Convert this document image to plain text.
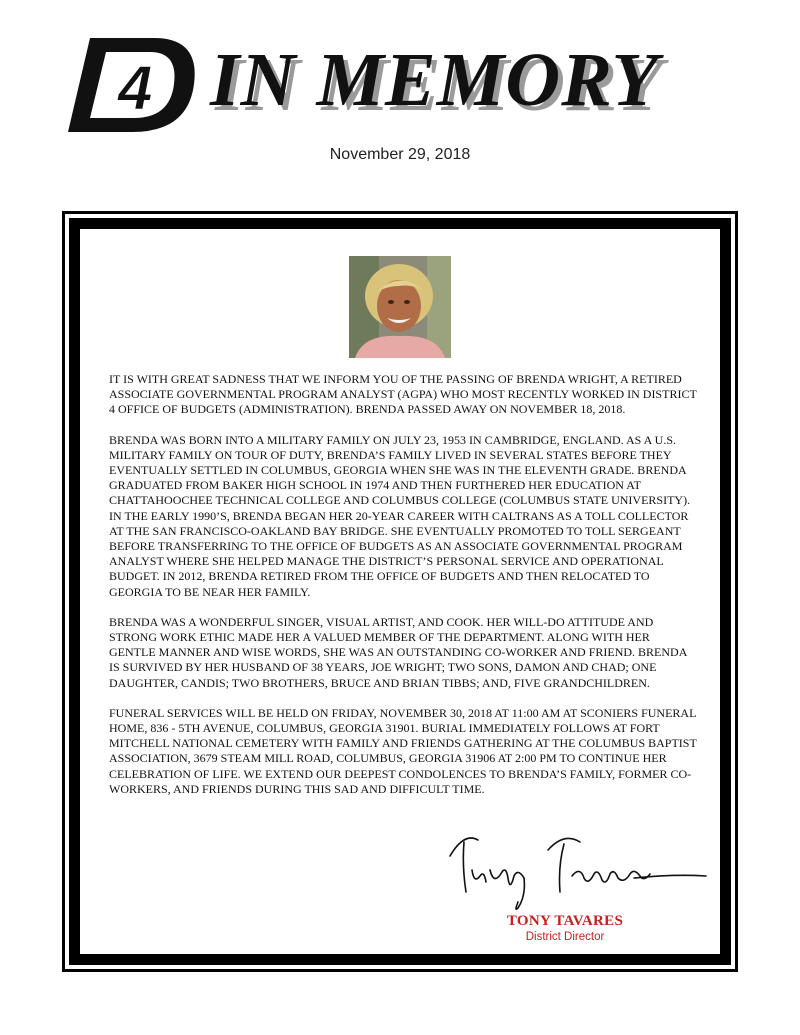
4 IN MEMORY
November 29, 2018

IT IS WITH GREAT SADNESS THAT WE INFORM YOU OF THE PASSING OF BRENDA WRIGHT, A RETIRED ASSOCIATE GOVERNMENTAL PROGRAM ANALYST (AGPA) WHO MOST RECENTLY WORKED IN DISTRICT 4 OFFICE OF BUDGETS (ADMINISTRATION). BRENDA PASSED AWAY ON NOVEMBER 18, 2018.

BRENDA WAS BORN INTO A MILITARY FAMILY ON JULY 23, 1953 IN CAMBRIDGE, ENGLAND. AS A U.S. MILITARY FAMILY ON TOUR OF DUTY, BRENDA’S FAMILY LIVED IN SEVERAL STATES BEFORE THEY EVENTUALLY SETTLED IN COLUMBUS, GEORGIA WHEN SHE WAS IN THE ELEVENTH GRADE. BRENDA GRADUATED FROM BAKER HIGH SCHOOL IN 1974 AND THEN FURTHERED HER EDUCATION AT CHATTAHOOCHEE TECHNICAL COLLEGE AND COLUMBUS COLLEGE (COLUMBUS STATE UNIVERSITY). IN THE EARLY 1990’S, BRENDA BEGAN HER 20-YEAR CAREER WITH CALTRANS AS A TOLL COLLECTOR AT THE SAN FRANCISCO-OAKLAND BAY BRIDGE. SHE EVENTUALLY PROMOTED TO TOLL SERGEANT BEFORE TRANSFERRING TO THE OFFICE OF BUDGETS AS AN ASSOCIATE GOVERNMENTAL PROGRAM ANALYST WHERE SHE HELPED MANAGE THE DISTRICT’S PERSONAL SERVICE AND OPERATIONAL BUDGET. IN 2012, BRENDA RETIRED FROM THE OFFICE OF BUDGETS AND THEN RELOCATED TO GEORGIA TO BE NEAR HER FAMILY.

BRENDA WAS A WONDERFUL SINGER, VISUAL ARTIST, AND COOK. HER WILL-DO ATTITUDE AND STRONG WORK ETHIC MADE HER A VALUED MEMBER OF THE DEPARTMENT. ALONG WITH HER GENTLE MANNER AND WISE WORDS, SHE WAS AN OUTSTANDING CO-WORKER AND FRIEND. BRENDA IS SURVIVED BY HER HUSBAND OF 38 YEARS, JOE WRIGHT; TWO SONS, DAMON AND CHAD; ONE DAUGHTER, CANDIS; TWO BROTHERS, BRUCE AND BRIAN TIBBS; AND, FIVE GRANDCHILDREN.

FUNERAL SERVICES WILL BE HELD ON FRIDAY, NOVEMBER 30, 2018 AT 11:00 AM AT SCONIERS FUNERAL HOME, 836 - 5TH AVENUE, COLUMBUS, GEORGIA 31901. BURIAL IMMEDIATELY FOLLOWS AT FORT MITCHELL NATIONAL CEMETERY WITH FAMILY AND FRIENDS GATHERING AT THE COLUMBUS BAPTIST ASSOCIATION, 3679 STEAM MILL ROAD, COLUMBUS, GEORGIA 31906 AT 2:00 PM TO CONTINUE HER CELEBRATION OF LIFE. WE EXTEND OUR DEEPEST CONDOLENCES TO BRENDA’S FAMILY, FORMER CO-WORKERS, AND FRIENDS DURING THIS SAD AND DIFFICULT TIME.

TONY TAVARES
District Director
